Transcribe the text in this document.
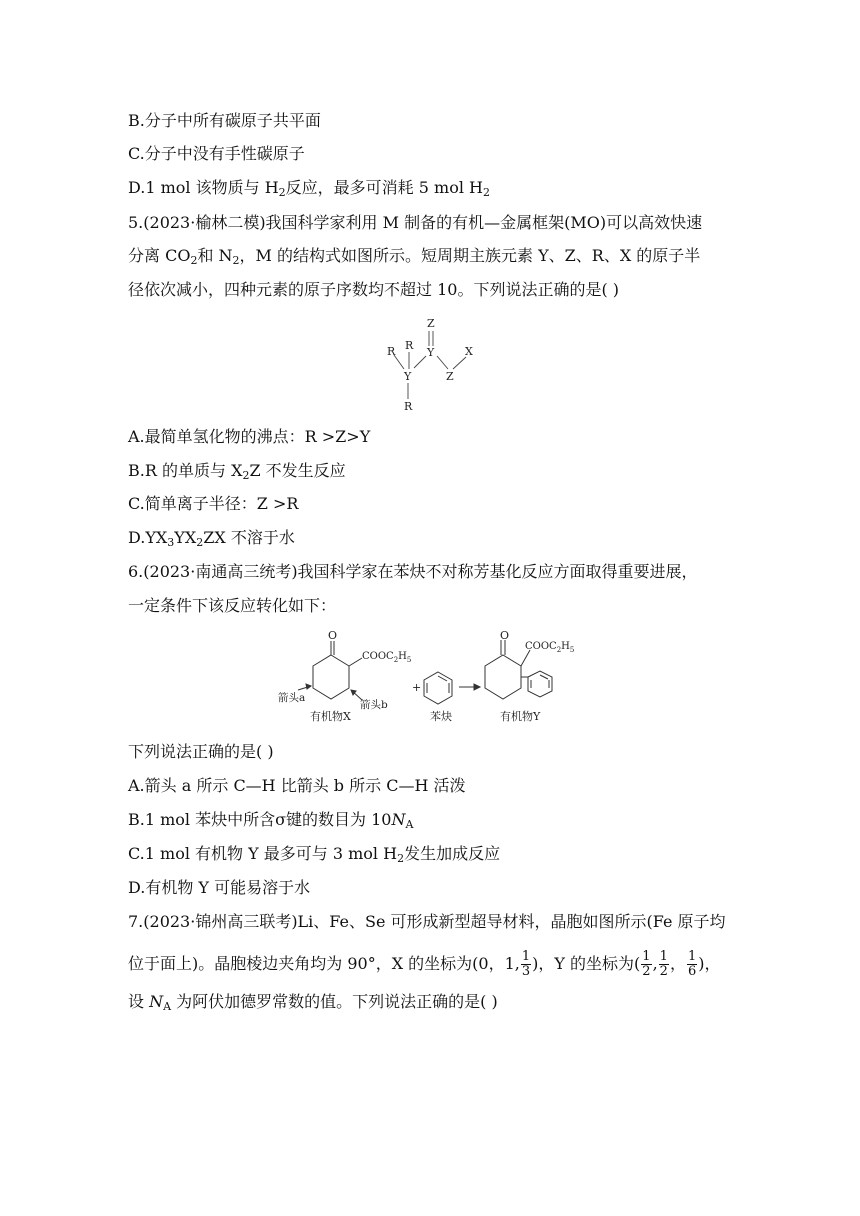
B.分子中所有碳原子共平面
C.分子中没有手性碳原子
D.1 mol 该物质与 $H_2$反应，最多可消耗 5 mol $H_2$
5.(2023·榆林二模)我国科学家利用 M 制备的有机—金属框架(MO)可以高效快速
分离 $CO_2$和 $N_2$，M 的结构式如图所示。短周期主族元素 Y、Z、R、X 的原子半
径依次减小，四种元素的原子序数均不超过 10。下列说法正确的是( )
Z
Y
R R
Y	Z
X
R
A.最简单氢化物的沸点：R >Z>Y
B.R 的单质与 $X_2Z$ 不发生反应
C.简单离子半径：Z >R
$D.YX_3YX_2ZX$ 不溶于水
6.(2023·南通高三统考)我国科学家在苯炔不对称芳基化反应方面取得重要进展，
一定条件下该反应转化如下：
O
$COOC_2H_5$
箭头a
箭头b
有机物X
+
苯炔
O
$COOC_2H_5$
有机物Y
下列说法正确的是( )
A.箭头 a 所示 C—H 比箭头 b 所示 C—H 活泼
B.1 mol 苯炔中所含σ键的数目为 $10N_A$
C.1 mol 有机物 Y 最多可与 3 mol $H_2$发生加成反应
D.有机物 Y 可能易溶于水
7.(2023·锦州高三联考)Li、Fe、Se 可形成新型超导材料，晶胞如图所示(Fe 原子均
位于面上)。晶胞棱边夹角均为 90°，X 的坐标为(0，1, $\frac{1}{3}$ )，Y 的坐标为( $\frac{1}{2}$ , $\frac{1}{2}$ ， $\frac{1}{6}$ )，
设 $N_A$ 为阿伏加德罗常数的值。下列说法正确的是( )
